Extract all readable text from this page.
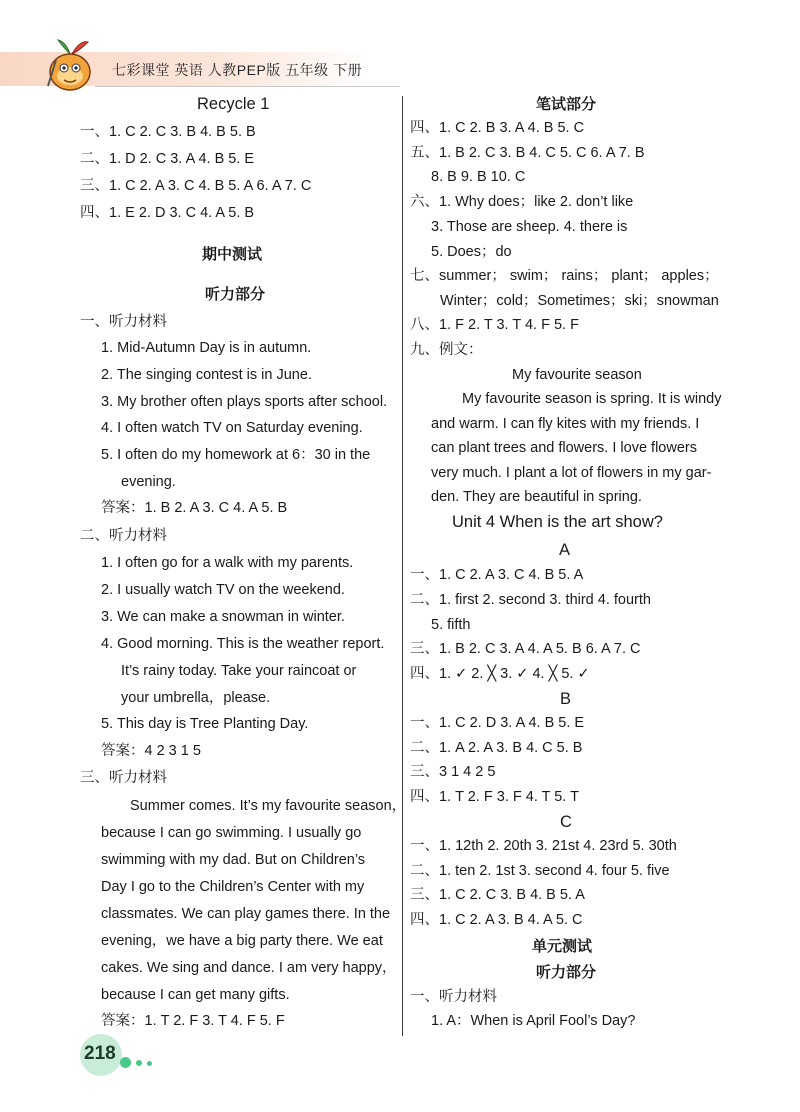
七彩课堂 英语 人教PEP版 五年级 下册
Recycle 1
一、1. C 2. C 3. B 4. B 5. B
二、1. D 2. C 3. A 4. B 5. E
三、1. C 2. A 3. C 4. B 5. A 6. A 7. C
四、1. E 2. D 3. C 4. A 5. B
期中测试
听力部分
一、听力材料
1. Mid-Autumn Day is in autumn.
2. The singing contest is in June.
3. My brother often plays sports after school.
4. I often watch TV on Saturday evening.
5. I often do my homework at 6：30 in the
evening.
答案：1. B 2. A 3. C 4. A 5. B
二、听力材料
1. I often go for a walk with my parents.
2. I usually watch TV on the weekend.
3. We can make a snowman in winter.
4. Good morning. This is the weather report.
It’s rainy today. Take your raincoat or
your umbrella，please.
5. This day is Tree Planting Day.
答案：4 2 3 1 5
三、听力材料
Summer comes. It’s my favourite season，
because I can go swimming. I usually go
swimming with my dad. But on Children’s
Day I go to the Children’s Center with my
classmates. We can play games there. In the
evening，we have a big party there. We eat
cakes. We sing and dance. I am very happy，
because I can get many gifts.
答案：1. T 2. F 3. T 4. F 5. F
笔试部分
四、1. C 2. B 3. A 4. B 5. C
五、1. B 2. C 3. B 4. C 5. C 6. A 7. B
8. B 9. B 10. C
六、1. Why does；like 2. don’t like
3. Those are sheep. 4. there is
5. Does；do
七、summer； swim； rains； plant； apples；
Winter；cold；Sometimes；ski；snowman
八、1. F 2. T 3. T 4. F 5. F
九、例文：
My favourite season
My favourite season is spring. It is windy
and warm. I can fly kites with my friends. I
can plant trees and flowers. I love flowers
very much. I plant a lot of flowers in my gar-
den. They are beautiful in spring.
Unit 4 When is the art show?
A
一、1. C 2. A 3. C 4. B 5. A
二、1. first 2. second 3. third 4. fourth
5. fifth
三、1. B 2. C 3. A 4. A 5. B 6. A 7. C
四、1. ✓ 2. ╳ 3. ✓ 4. ╳ 5. ✓
B
一、1. C 2. D 3. A 4. B 5. E
二、1. A 2. A 3. B 4. C 5. B
三、3 1 4 2 5
四、1. T 2. F 3. F 4. T 5. T
C
一、1. 12th 2. 20th 3. 21st 4. 23rd 5. 30th
二、1. ten 2. 1st 3. second 4. four 5. five
三、1. C 2. C 3. B 4. B 5. A
四、1. C 2. A 3. B 4. A 5. C
单元测试
听力部分
一、听力材料
1. A：When is April Fool’s Day?
218
